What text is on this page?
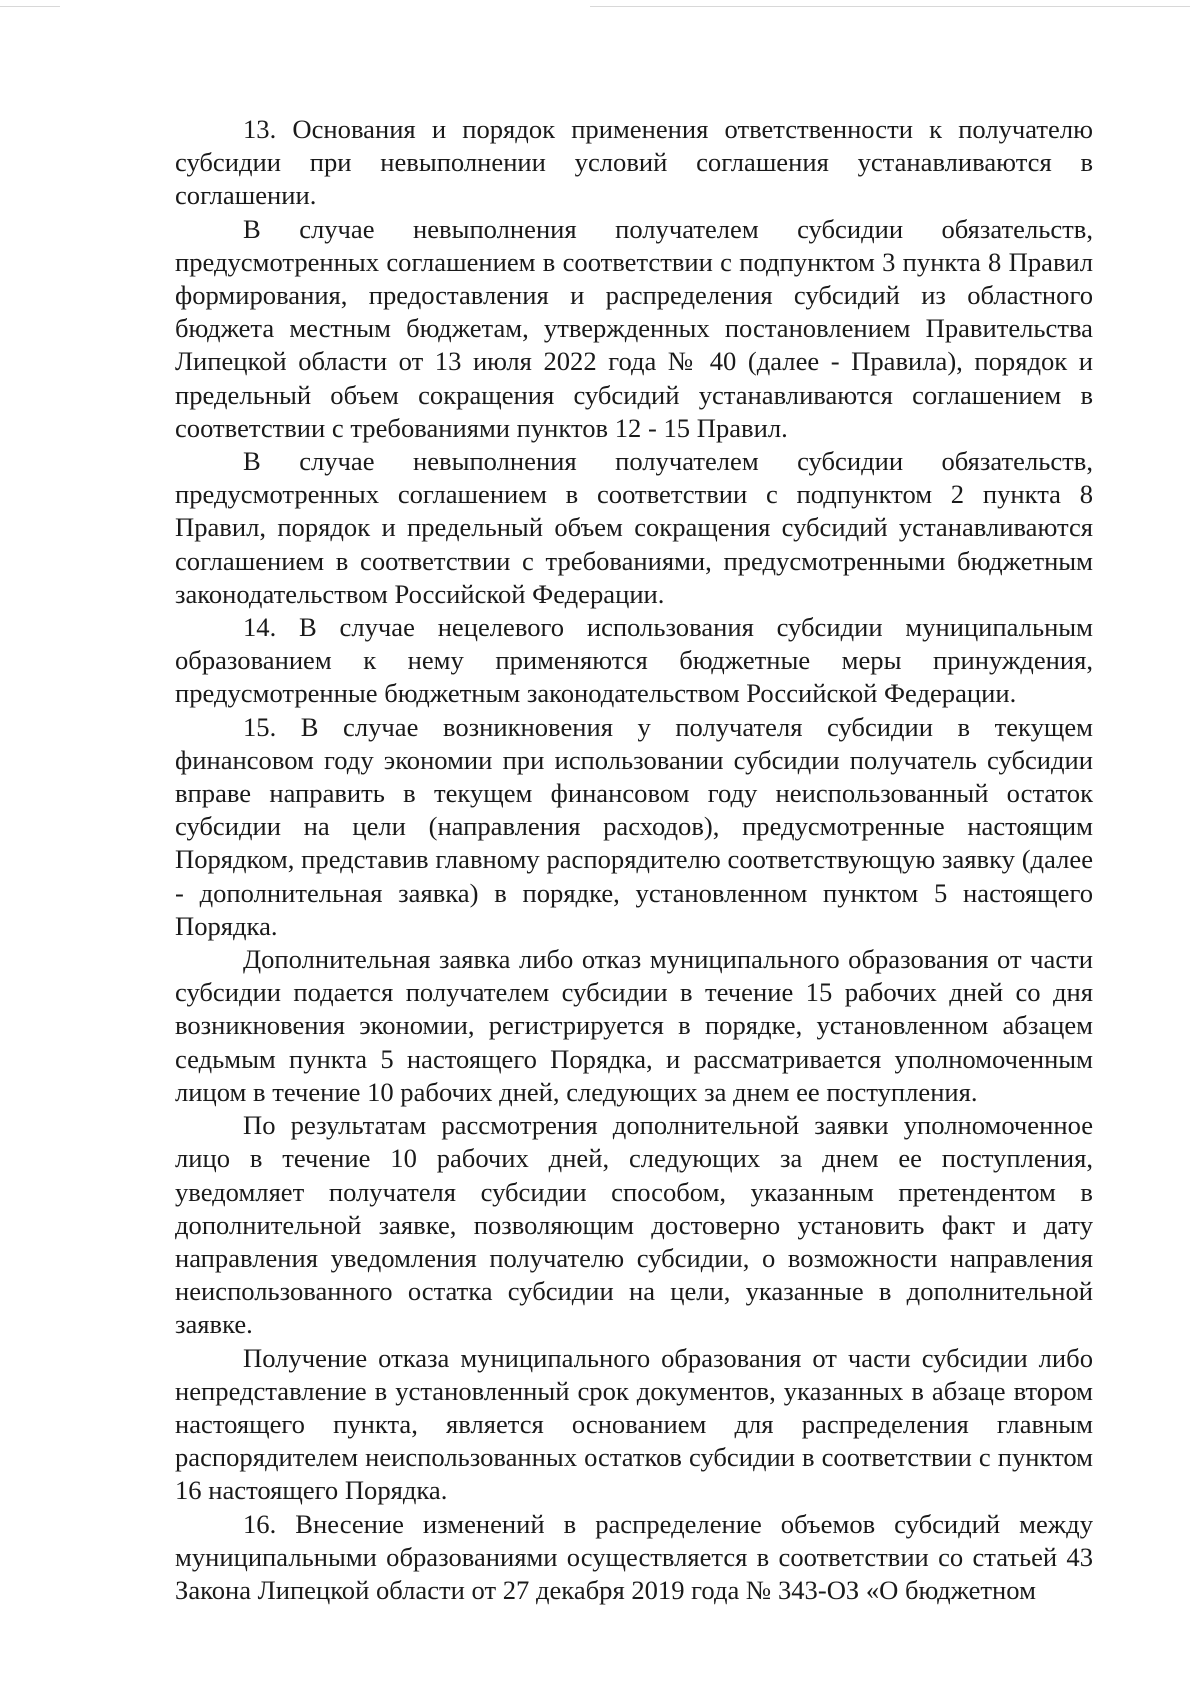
13. Основания и порядок применения ответственности к получателю субсидии при невыполнении условий соглашения устанавливаются в соглашении.

В случае невыполнения получателем субсидии обязательств, предусмотренных соглашением в соответствии с подпунктом 3 пункта 8 Правил формирования, предоставления и распределения субсидий из областного бюджета местным бюджетам, утвержденных постановлением Правительства Липецкой области от 13 июля 2022 года № 40 (далее - Правила), порядок и предельный объем сокращения субсидий устанавливаются соглашением в соответствии с требованиями пунктов 12 - 15 Правил.

В случае невыполнения получателем субсидии обязательств, предусмотренных соглашением в соответствии с подпунктом 2 пункта 8 Правил, порядок и предельный объем сокращения субсидий устанавливаются соглашением в соответствии с требованиями, предусмотренными бюджетным законодательством Российской Федерации.

14. В случае нецелевого использования субсидии муниципальным образованием к нему применяются бюджетные меры принуждения, предусмотренные бюджетным законодательством Российской Федерации.

15. В случае возникновения у получателя субсидии в текущем финансовом году экономии при использовании субсидии получатель субсидии вправе направить в текущем финансовом году неиспользованный остаток субсидии на цели (направления расходов), предусмотренные настоящим Порядком, представив главному распорядителю соответствующую заявку (далее - дополнительная заявка) в порядке, установленном пунктом 5 настоящего Порядка.

Дополнительная заявка либо отказ муниципального образования от части субсидии подается получателем субсидии в течение 15 рабочих дней со дня возникновения экономии, регистрируется в порядке, установленном абзацем седьмым пункта 5 настоящего Порядка, и рассматривается уполномоченным лицом в течение 10 рабочих дней, следующих за днем ее поступления.

По результатам рассмотрения дополнительной заявки уполномоченное лицо в течение 10 рабочих дней, следующих за днем ее поступления, уведомляет получателя субсидии способом, указанным претендентом в дополнительной заявке, позволяющим достоверно установить факт и дату направления уведомления получателю субсидии, о возможности направления неиспользованного остатка субсидии на цели, указанные в дополнительной заявке.

Получение отказа муниципального образования от части субсидии либо непредставление в установленный срок документов, указанных в абзаце втором настоящего пункта, является основанием для распределения главным распорядителем неиспользованных остатков субсидии в соответствии с пунктом 16 настоящего Порядка.

16. Внесение изменений в распределение объемов субсидий между муниципальными образованиями осуществляется в соответствии со статьей 43 Закона Липецкой области от 27 декабря 2019 года № 343-ОЗ «О бюджетном
